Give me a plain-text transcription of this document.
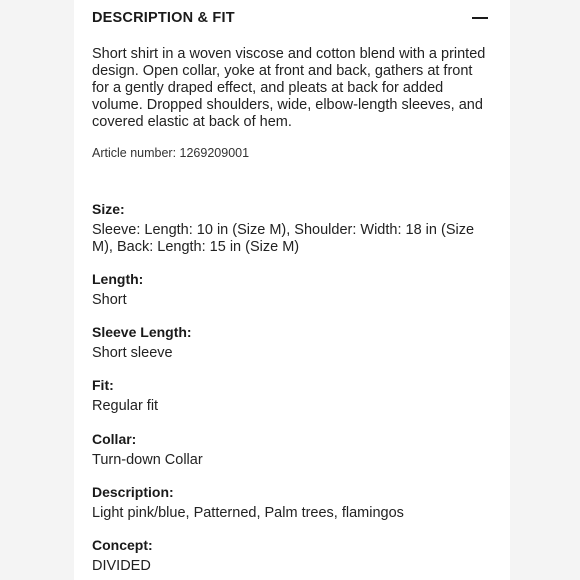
DESCRIPTION & FIT
Short shirt in a woven viscose and cotton blend with a printed design. Open collar, yoke at front and back, gathers at front for a gently draped effect, and pleats at back for added volume. Dropped shoulders, wide, elbow-length sleeves, and covered elastic at back of hem.
Article number: 1269209001
Size:
Sleeve: Length: 10 in (Size M), Shoulder: Width: 18 in (Size M), Back: Length: 15 in (Size M)
Length:
Short
Sleeve Length:
Short sleeve
Fit:
Regular fit
Collar:
Turn-down Collar
Description:
Light pink/blue, Patterned, Palm trees, flamingos
Concept:
DIVIDED
